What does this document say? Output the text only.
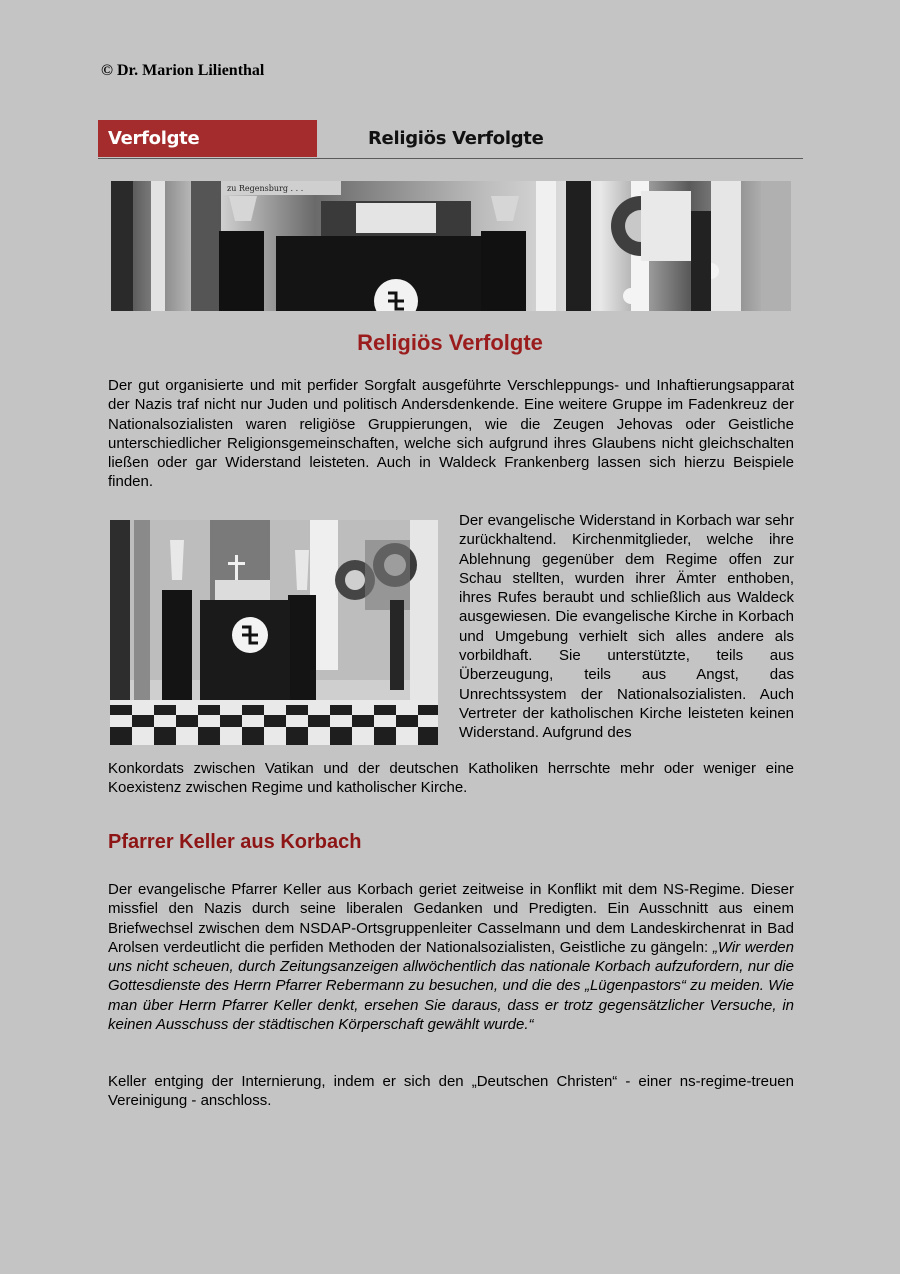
© Dr. Marion Lilienthal
Verfolgte	Religiös Verfolgte
zu Regensburg . . .
Religiös Verfolgte
Der gut organisierte und mit perfider Sorgfalt ausgeführte Verschleppungs- und Inhaftierungsapparat der Nazis traf nicht nur Juden und politisch Andersdenkende. Eine weitere Gruppe im Fadenkreuz der Nationalsozialisten waren religiöse Gruppierungen, wie die Zeugen Jehovas oder Geistliche unterschiedlicher Religionsgemeinschaften, welche sich aufgrund ihres Glaubens nicht gleichschalten ließen oder gar Widerstand leisteten. Auch in Waldeck Frankenberg lassen sich hierzu Beispiele finden.
Der evangelische Widerstand in Korbach war sehr zurückhaltend. Kirchenmitglieder, welche ihre Ablehnung gegenüber dem Regime offen zur Schau stellten, wurden ihrer Ämter enthoben, ihres Rufes beraubt und schließlich aus Waldeck ausgewiesen. Die evangelische Kirche in Korbach und Umgebung verhielt sich alles andere als vorbildhaft. Sie unterstützte, teils aus Überzeugung, teils aus Angst, das Unrechtssystem der Nationalsozialisten. Auch Vertreter der katholischen Kirche leisteten keinen Widerstand. Aufgrund des
Konkordats zwischen Vatikan und der deutschen Katholiken herrschte mehr oder weniger eine Koexistenz zwischen Regime und katholischer Kirche.
Pfarrer Keller aus Korbach
Der evangelische Pfarrer Keller aus Korbach geriet zeitweise in Konflikt mit dem NS-Regime. Dieser missfiel den Nazis durch seine liberalen Gedanken und Predigten. Ein Ausschnitt aus einem Briefwechsel zwischen dem NSDAP-Ortsgruppenleiter Casselmann und dem Landeskirchenrat in Bad Arolsen verdeutlicht die perfiden Methoden der Nationalsozialisten, Geistliche zu gängeln: „Wir werden uns nicht scheuen, durch Zeitungsanzeigen allwöchentlich das nationale Korbach aufzufordern, nur die Gottesdienste des Herrn Pfarrer Rebermann zu besuchen, und die des „Lügenpastors“ zu meiden. Wie man über Herrn Pfarrer Keller denkt, ersehen Sie daraus, dass er trotz gegensätzlicher Versuche, in keinen Ausschuss der städtischen Körperschaft gewählt wurde.“
Keller entging der Internierung, indem er sich den „Deutschen Christen“ - einer ns-regime-treuen Vereinigung - anschloss.
